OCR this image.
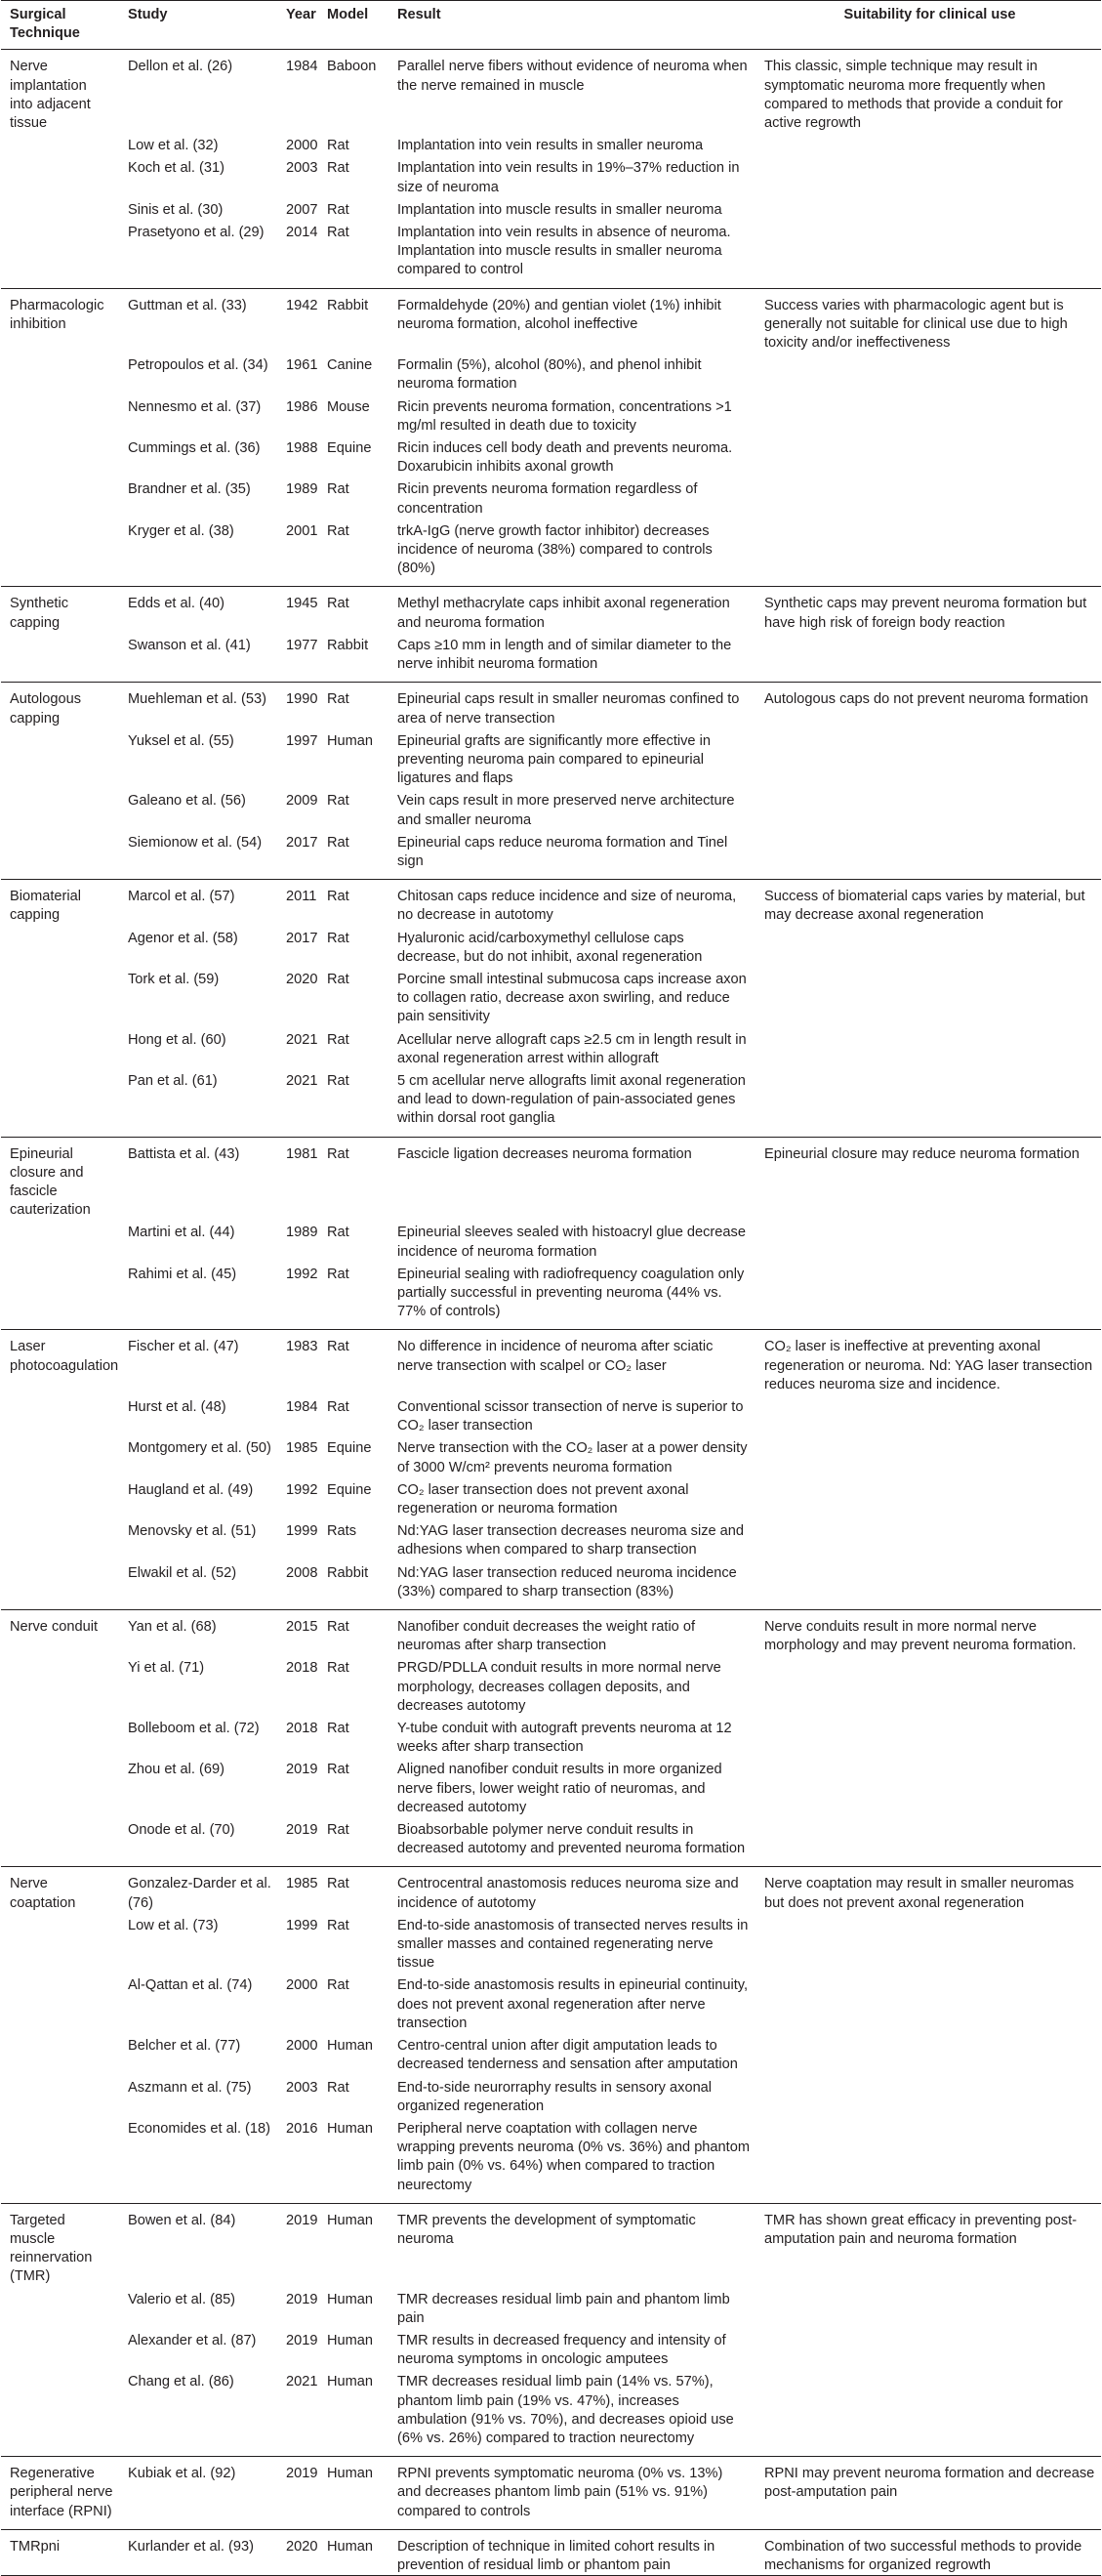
Surgical Technique	Study	Year	Model	Result	Suitability for clinical use
Nerve implantation into adjacent tissue	Dellon et al. (26)	1984	Baboon	Parallel nerve fibers without evidence of neuroma when the nerve remained in muscle	This classic, simple technique may result in symptomatic neuroma more frequently when compared to methods that provide a conduit for active regrowth
	Low et al. (32)	2000	Rat	Implantation into vein results in smaller neuroma	
	Koch et al. (31)	2003	Rat	Implantation into vein results in 19%–37% reduction in size of neuroma	
	Sinis et al. (30)	2007	Rat	Implantation into muscle results in smaller neuroma	
	Prasetyono et al. (29)	2014	Rat	Implantation into vein results in absence of neuroma. Implantation into muscle results in smaller neuroma compared to control	
Pharmacologic inhibition	Guttman et al. (33)	1942	Rabbit	Formaldehyde (20%) and gentian violet (1%) inhibit neuroma formation, alcohol ineffective	Success varies with pharmacologic agent but is generally not suitable for clinical use due to high toxicity and/or ineffectiveness
	Petropoulos et al. (34)	1961	Canine	Formalin (5%), alcohol (80%), and phenol inhibit neuroma formation	
	Nennesmo et al. (37)	1986	Mouse	Ricin prevents neuroma formation, concentrations >1 mg/ml resulted in death due to toxicity	
	Cummings et al. (36)	1988	Equine	Ricin induces cell body death and prevents neuroma. Doxarubicin inhibits axonal growth	
	Brandner et al. (35)	1989	Rat	Ricin prevents neuroma formation regardless of concentration	
	Kryger et al. (38)	2001	Rat	trkA-IgG (nerve growth factor inhibitor) decreases incidence of neuroma (38%) compared to controls (80%)	
Synthetic capping	Edds et al. (40)	1945	Rat	Methyl methacrylate caps inhibit axonal regeneration and neuroma formation	Synthetic caps may prevent neuroma formation but have high risk of foreign body reaction
	Swanson et al. (41)	1977	Rabbit	Caps ≥10 mm in length and of similar diameter to the nerve inhibit neuroma formation	
Autologous capping	Muehleman et al. (53)	1990	Rat	Epineurial caps result in smaller neuromas confined to area of nerve transection	Autologous caps do not prevent neuroma formation
	Yuksel et al. (55)	1997	Human	Epineurial grafts are significantly more effective in preventing neuroma pain compared to epineurial ligatures and flaps	
	Galeano et al. (56)	2009	Rat	Vein caps result in more preserved nerve architecture and smaller neuroma	
	Siemionow et al. (54)	2017	Rat	Epineurial caps reduce neuroma formation and Tinel sign	
Biomaterial capping	Marcol et al. (57)	2011	Rat	Chitosan caps reduce incidence and size of neuroma, no decrease in autotomy	Success of biomaterial caps varies by material, but may decrease axonal regeneration
	Agenor et al. (58)	2017	Rat	Hyaluronic acid/carboxymethyl cellulose caps decrease, but do not inhibit, axonal regeneration	
	Tork et al. (59)	2020	Rat	Porcine small intestinal submucosa caps increase axon to collagen ratio, decrease axon swirling, and reduce pain sensitivity	
	Hong et al. (60)	2021	Rat	Acellular nerve allograft caps ≥2.5 cm in length result in axonal regeneration arrest within allograft	
	Pan et al. (61)	2021	Rat	5 cm acellular nerve allografts limit axonal regeneration and lead to down-regulation of pain-associated genes within dorsal root ganglia	
Epineurial closure and fascicle cauterization	Battista et al. (43)	1981	Rat	Fascicle ligation decreases neuroma formation	Epineurial closure may reduce neuroma formation
	Martini et al. (44)	1989	Rat	Epineurial sleeves sealed with histoacryl glue decrease incidence of neuroma formation	
	Rahimi et al. (45)	1992	Rat	Epineurial sealing with radiofrequency coagulation only partially successful in preventing neuroma (44% vs. 77% of controls)	
Laser photocoagulation	Fischer et al. (47)	1983	Rat	No difference in incidence of neuroma after sciatic nerve transection with scalpel or CO₂ laser	CO₂ laser is ineffective at preventing axonal regeneration or neuroma. Nd: YAG laser transection reduces neuroma size and incidence.
	Hurst et al. (48)	1984	Rat	Conventional scissor transection of nerve is superior to CO₂ laser transection	
	Montgomery et al. (50)	1985	Equine	Nerve transection with the CO₂ laser at a power density of 3000 W/cm² prevents neuroma formation	
	Haugland et al. (49)	1992	Equine	CO₂ laser transection does not prevent axonal regeneration or neuroma formation	
	Menovsky et al. (51)	1999	Rats	Nd:YAG laser transection decreases neuroma size and adhesions when compared to sharp transection	
	Elwakil et al. (52)	2008	Rabbit	Nd:YAG laser transection reduced neuroma incidence (33%) compared to sharp transection (83%)	
Nerve conduit	Yan et al. (68)	2015	Rat	Nanofiber conduit decreases the weight ratio of neuromas after sharp transection	Nerve conduits result in more normal nerve morphology and may prevent neuroma formation.
	Yi et al. (71)	2018	Rat	PRGD/PDLLA conduit results in more normal nerve morphology, decreases collagen deposits, and decreases autotomy	
	Bolleboom et al. (72)	2018	Rat	Y-tube conduit with autograft prevents neuroma at 12 weeks after sharp transection	
	Zhou et al. (69)	2019	Rat	Aligned nanofiber conduit results in more organized nerve fibers, lower weight ratio of neuromas, and decreased autotomy	
	Onode et al. (70)	2019	Rat	Bioabsorbable polymer nerve conduit results in decreased autotomy and prevented neuroma formation	
Nerve coaptation	Gonzalez-Darder et al. (76)	1985	Rat	Centrocentral anastomosis reduces neuroma size and incidence of autotomy	Nerve coaptation may result in smaller neuromas but does not prevent axonal regeneration
	Low et al. (73)	1999	Rat	End-to-side anastomosis of transected nerves results in smaller masses and contained regenerating nerve tissue	
	Al-Qattan et al. (74)	2000	Rat	End-to-side anastomosis results in epineurial continuity, does not prevent axonal regeneration after nerve transection	
	Belcher et al. (77)	2000	Human	Centro-central union after digit amputation leads to decreased tenderness and sensation after amputation	
	Aszmann et al. (75)	2003	Rat	End-to-side neurorraphy results in sensory axonal organized regeneration	
	Economides et al. (18)	2016	Human	Peripheral nerve coaptation with collagen nerve wrapping prevents neuroma (0% vs. 36%) and phantom limb pain (0% vs. 64%) when compared to traction neurectomy	
Targeted muscle reinnervation (TMR)	Bowen et al. (84)	2019	Human	TMR prevents the development of symptomatic neuroma	TMR has shown great efficacy in preventing post-amputation pain and neuroma formation
	Valerio et al. (85)	2019	Human	TMR decreases residual limb pain and phantom limb pain	
	Alexander et al. (87)	2019	Human	TMR results in decreased frequency and intensity of neuroma symptoms in oncologic amputees	
	Chang et al. (86)	2021	Human	TMR decreases residual limb pain (14% vs. 57%), phantom limb pain (19% vs. 47%), increases ambulation (91% vs. 70%), and decreases opioid use (6% vs. 26%) compared to traction neurectomy	
Regenerative peripheral nerve interface (RPNI)	Kubiak et al. (92)	2019	Human	RPNI prevents symptomatic neuroma (0% vs. 13%) and decreases phantom limb pain (51% vs. 91%) compared to controls	RPNI may prevent neuroma formation and decrease post-amputation pain
TMRpni	Kurlander et al. (93)	2020	Human	Description of technique in limited cohort results in prevention of residual limb or phantom pain	Combination of two successful methods to provide mechanisms for organized regrowth
